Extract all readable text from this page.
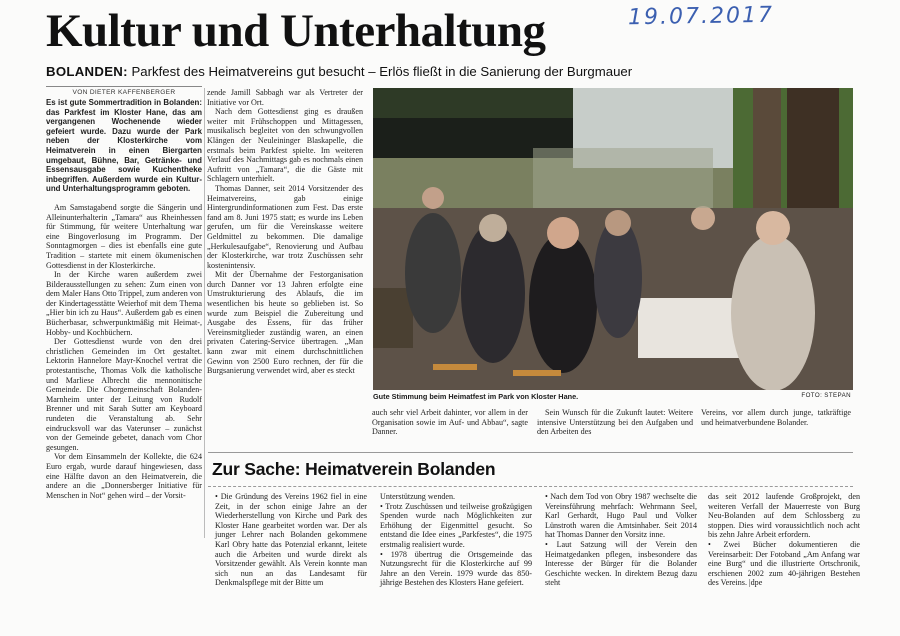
19.07.2017
Kultur und Unterhaltung
BOLANDEN: Parkfest des Heimatvereins gut besucht – Erlös fließt in die Sanierung der Burgmauer
VON DIETER KAFFENBERGER

Es ist gute Sommertradition in Bolanden: das Parkfest im Kloster Hane, das am vergangenen Wochenende wieder gefeiert wurde. Dazu wurde der Park neben der Klosterkirche vom Heimatverein in einen Biergarten umgebaut, Bühne, Bar, Getränke- und Essensausgabe sowie Kuchentheke inbegriffen. Außerdem wurde ein Kultur- und Unterhaltungsprogramm geboten.

Am Samstagabend sorgte die Sängerin und Alleinunterhalterin „Tamara“ aus Rheinhessen für Stimmung, für weitere Unterhaltung war eine Bingoverlosung im Programm. Der Sonntagmorgen – dies ist ebenfalls eine gute Tradition – startete mit einem ökumenischen Gottesdienst in der Klosterkirche.

In der Kirche waren außerdem zwei Bilderausstellungen zu sehen: Zum einen von dem Maler Hans Otto Trippel, zum anderen von der Kindertagesstätte Weierhof mit dem Thema „Hier bin ich zu Haus“. Außerdem gab es einen Bücherbasar, schwerpunktmäßig mit Heimat-, Hobby- und Kochbüchern.

Der Gottesdienst wurde von den drei christlichen Gemeinden im Ort gestaltet. Lektorin Hannelore Mayr-Knochel vertrat die protestantische, Thomas Volk die katholische und Marliese Albrecht die mennonitische Gemeinde. Die Chorgemeinschaft Bolanden-Marnheim unter der Leitung von Rudolf Brenner und mit Sarah Sutter am Keyboard rundeten die Veranstaltung ab. Sehr eindrucksvoll war das Vaterunser – zunächst von der Gemeinde gebetet, danach vom Chor gesungen.

Vor dem Einsammeln der Kollekte, die 624 Euro ergab, wurde darauf hingewiesen, dass eine Hälfte davon an den Heimatverein, die andere an die „Donnersberger Initiative für Menschen in Not“ gehen wird – der Vorsit-

zende Jamill Sabbagh war als Vertreter der Initiative vor Ort.

Nach dem Gottesdienst ging es draußen weiter mit Frühschoppen und Mittagessen, musikalisch begleitet von den schwungvollen Klängen der Neuleininger Blaskapelle, die erstmals beim Parkfest spielte. Im weiteren Verlauf des Nachmittags gab es nochmals einen Auftritt von „Tamara“, die die Gäste mit Schlagern unterhielt.

Thomas Danner, seit 2014 Vorsitzender des Heimatvereins, gab einige Hintergrundinformationen zum Fest. Das erste fand am 8. Juni 1975 statt; es wurde ins Leben gerufen, um für die Vereinskasse weitere Geldmittel zu bekommen. Die damalige „Herkulesaufgabe“, Renovierung und Aufbau der Klosterkirche, war trotz Zuschüssen sehr kostenintensiv.

Mit der Übernahme der Festorganisation durch Danner vor 13 Jahren erfolgte eine Umstrukturierung des Ablaufs, die im wesentlichen bis heute so geblieben ist. So wurde zum Beispiel die Zubereitung und Ausgabe des Essens, für das früher Vereinsmitglieder zuständig waren, an einen privaten Catering-Service übertragen. „Man kann zwar mit einem durchschnittlichen Gewinn von 2500 Euro rechnen, der für die Burgsanierung verwendet wird, aber es steckt

Gute Stimmung beim Heimatfest im Park von Kloster Hane.	FOTO: STEPAN

auch sehr viel Arbeit dahinter, vor allem in der Organisation sowie im Auf- und Abbau“, sagte Danner.

Sein Wunsch für die Zukunft lautet: Weitere intensive Unterstützung bei den Aufgaben und den Arbeiten des

Vereins, vor allem durch junge, tatkräftige und heimatverbundene Bolander.

Zur Sache: Heimatverein Bolanden

• Die Gründung des Vereins 1962 fiel in eine Zeit, in der schon einige Jahre an der Wiederherstellung von Kirche und Park des Kloster Hane gearbeitet worden war. Der als junger Lehrer nach Bolanden gekommene Karl Obry hatte das Potenzial erkannt, leitete auch die Arbeiten und wurde direkt als Vorsitzender gewählt. Als Verein konnte man sich nun an das Landesamt für Denkmalspflege mit der Bitte um

Unterstützung wenden.
• Trotz Zuschüssen und teilweise großzügigen Spenden wurde nach Möglichkeiten zur Erhöhung der Eigenmittel gesucht. So entstand die Idee eines „Parkfestes“, die 1975 erstmalig realisiert wurde.
• 1978 übertrug die Ortsgemeinde das Nutzungsrecht für die Klosterkirche auf 99 Jahre an den Verein. 1979 wurde das 850-jährige Bestehen des Klosters Hane gefeiert.

• Nach dem Tod von Obry 1987 wechselte die Vereinsführung mehrfach: Wehrmann Seel, Karl Gerhardt, Hugo Paul und Volker Lünstroth waren die Amtsinhaber. Seit 2014 hat Thomas Danner den Vorsitz inne.
• Laut Satzung will der Verein den Heimatgedanken pflegen, insbesondere das Interesse der Bürger für die Bolander Geschichte wecken. In direktem Bezug dazu steht

das seit 2012 laufende Großprojekt, den weiteren Verfall der Mauerreste von Burg Neu-Bolanden auf dem Schlossberg zu stoppen. Dies wird voraussichtlich noch acht bis zehn Jahre Arbeit erfordern.
• Zwei Bücher dokumentieren die Vereinsarbeit: Der Fotoband „Am Anfang war eine Burg“ und die illustrierte Ortschronik, erschienen 2002 zum 40-jährigen Bestehen des Vereins. |dpe
